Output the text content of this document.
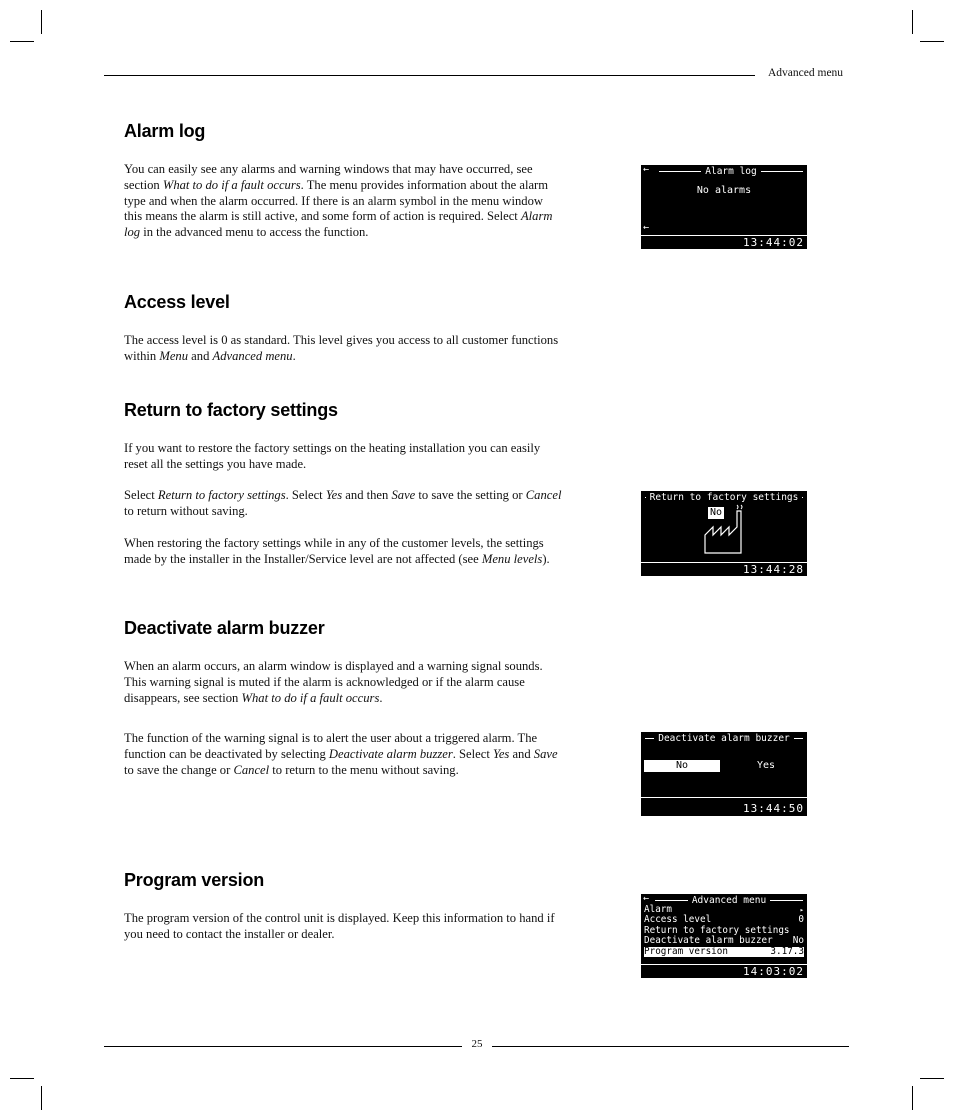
Advanced menu
Alarm log

You can easily see any alarms and warning windows that may have occurred, see section What to do if a fault occurs. The menu provides information about the alarm type and when the alarm occurred. If there is an alarm symbol in the menu window this means the alarm is still active, and some form of action is required. Select Alarm log in the advanced menu to access the function.

←	Alarm log
No alarms
←
13:44:02
Access level

The access level is 0 as standard. This level gives you access to all customer functions within Menu and Advanced menu.

Return to factory settings

If you want to restore the factory settings on the heating installation you can easily reset all the settings you have made.

Select Return to factory settings. Select Yes and then Save to save the setting or Cancel to return without saving.

When restoring the factory settings while in any of the customer levels, the settings made by the installer in the Installer/Service level are not affected (see Menu levels).

Return to factory settings
No
13:44:28
Deactivate alarm buzzer

When an alarm occurs, an alarm window is displayed and a warning signal sounds. This warning signal is muted if the alarm is acknowledged or if the alarm cause disappears, see section What to do if a fault occurs.

The function of the warning signal is to alert the user about a triggered alarm. The function can be deactivated by selecting Deactivate alarm buzzer. Select Yes and Save to save the change or Cancel to return to the menu without saving.

Deactivate alarm buzzer
No	Yes
13:44:50
Program version

The program version of the control unit is displayed. Keep this information to hand if you need to contact the installer or dealer.

←	Advanced menu
Alarm	▸
Access level	0
Return to factory settings
Deactivate alarm buzzer No
Program version	3.17.3
14:03:02
25
